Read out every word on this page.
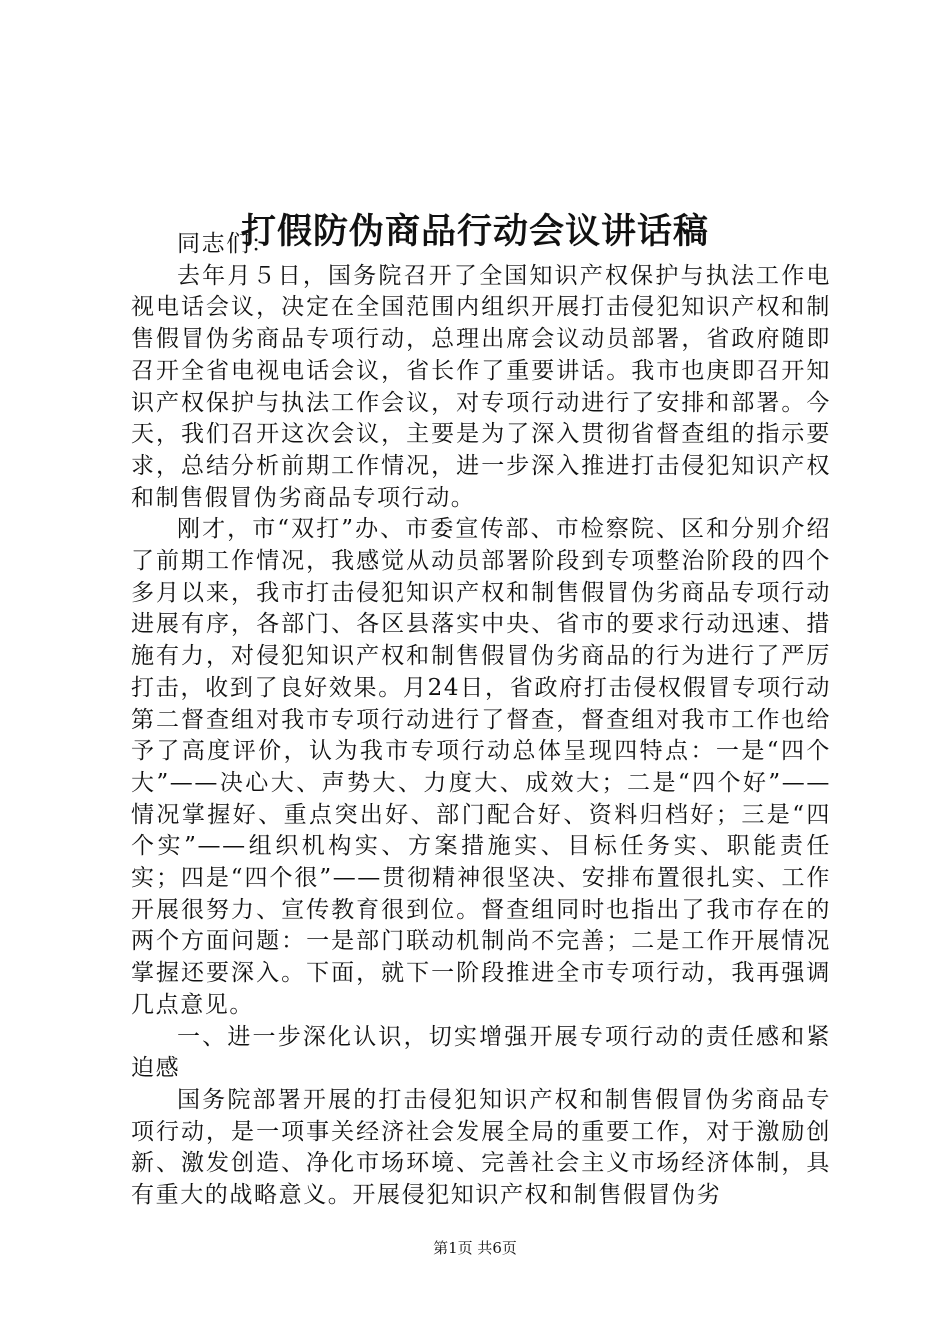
打假防伪商品行动会议讲话稿

同志们：

去年月５日，国务院召开了全国知识产权保护与执法工作电视电话会议，决定在全国范围内组织开展打击侵犯知识产权和制售假冒伪劣商品专项行动，总理出席会议动员部署，省政府随即召开全省电视电话会议，省长作了重要讲话。我市也庚即召开知识产权保护与执法工作会议，对专项行动进行了安排和部署。今天，我们召开这次会议，主要是为了深入贯彻省督查组的指示要求，总结分析前期工作情况，进一步深入推进打击侵犯知识产权和制售假冒伪劣商品专项行动。

刚才，市“双打”办、市委宣传部、市检察院、区和分别介绍了前期工作情况，我感觉从动员部署阶段到专项整治阶段的四个多月以来，我市打击侵犯知识产权和制售假冒伪劣商品专项行动进展有序，各部门、各区县落实中央、省市的要求行动迅速、措施有力，对侵犯知识产权和制售假冒伪劣商品的行为进行了严厉打击，收到了良好效果。月24日，省政府打击侵权假冒专项行动第二督查组对我市专项行动进行了督查，督查组对我市工作也给予了高度评价，认为我市专项行动总体呈现四特点：一是“四个大”——决心大、声势大、力度大、成效大；二是“四个好”——情况掌握好、重点突出好、部门配合好、资料归档好；三是“四个实”——组织机构实、方案措施实、目标任务实、职能责任实；四是“四个很”——贯彻精神很坚决、安排布置很扎实、工作开展很努力、宣传教育很到位。督查组同时也指出了我市存在的两个方面问题：一是部门联动机制尚不完善；二是工作开展情况掌握还要深入。下面，就下一阶段推进全市专项行动，我再强调几点意见。

一、进一步深化认识，切实增强开展专项行动的责任感和紧迫感

国务院部署开展的打击侵犯知识产权和制售假冒伪劣商品专项行动，是一项事关经济社会发展全局的重要工作，对于激励创新、激发创造、净化市场环境、完善社会主义市场经济体制，具有重大的战略意义。开展侵犯知识产权和制售假冒伪劣

第1页 共6页
